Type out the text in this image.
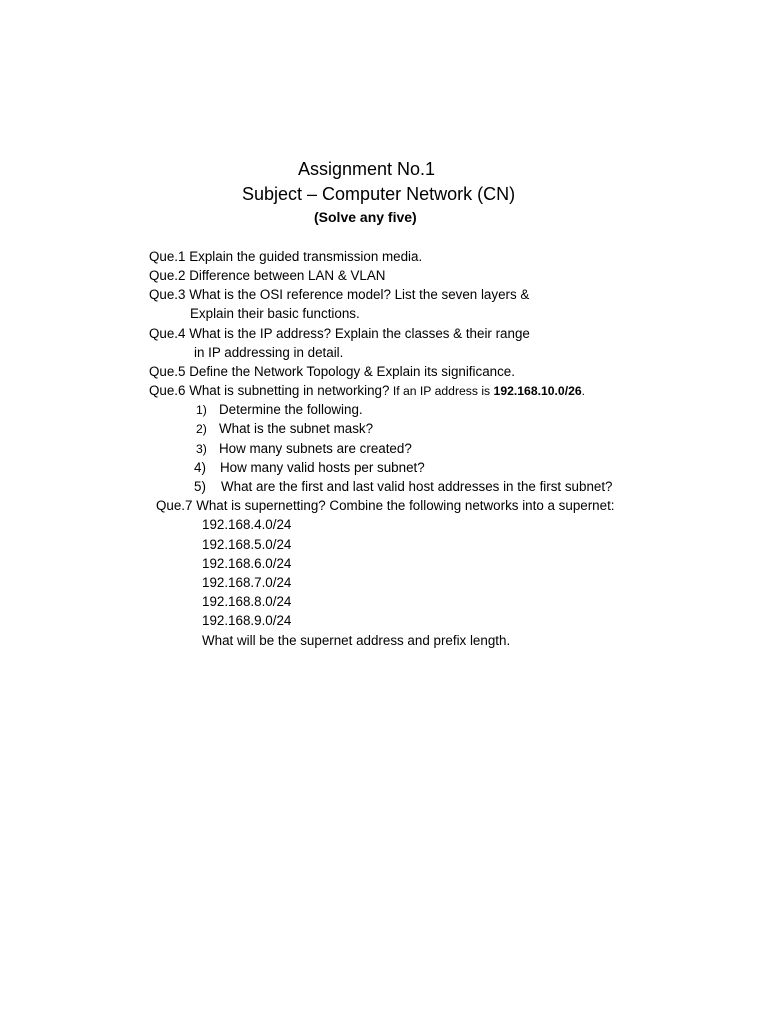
Assignment No.1
Subject – Computer Network (CN)
(Solve any five)
Que.1 Explain the guided transmission media.
Que.2 Difference between LAN & VLAN
Que.3 What is the OSI reference model? List the seven layers &
Explain their basic functions.
Que.4 What is the IP address? Explain the classes & their range
in IP addressing in detail.
Que.5 Define the Network Topology & Explain its significance.
Que.6 What is subnetting in networking? If an IP address is 192.168.10.0/26.
1) Determine the following.
2) What is the subnet mask?
3) How many subnets are created?
4) How many valid hosts per subnet?
5) What are the first and last valid host addresses in the first subnet?
Que.7 What is supernetting? Combine the following networks into a supernet:
192.168.4.0/24
192.168.5.0/24
192.168.6.0/24
192.168.7.0/24
192.168.8.0/24
192.168.9.0/24
What will be the supernet address and prefix length.
